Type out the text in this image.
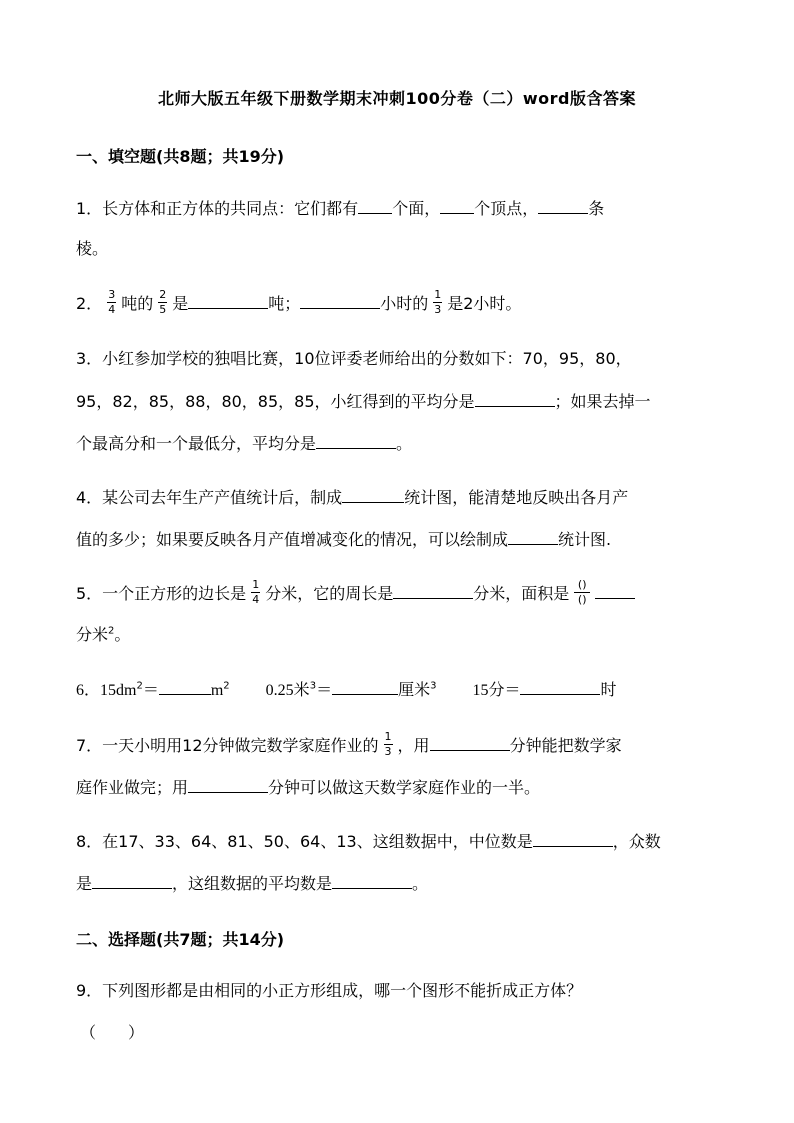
北师大版五年级下册数学期末冲刺100分卷（二）word版含答案
一、填空题(共8题；共19分)
1．长方体和正方体的共同点：它们都有 个面， 个顶点，	条
棱。
2． $\frac{3}{4}$ 吨的 $\frac{2}{5}$ 是	吨；	小时的 $\frac{1}{3}$ 是2小时。
3．小红参加学校的独唱比赛，10位评委老师给出的分数如下：70，95，80，
95，82，85，88，80，85，85，小红得到的平均分是	；如果去掉一
个最高分和一个最低分，平均分是	。
4．某公司去年生产产值统计后，制成	统计图，能清楚地反映出各月产
值的多少；如果要反映各月产值增减变化的情况，可以绘制成	统计图.
5．一个正方形的边长是 $\frac{1}{4}$ 分米，它的周长是	分米，面积是 $\frac{()}{()}$
分米$^2$。
6．$15dm^2=$	$m^2$ 0.25米$^3$＝	厘米$^3$ 15分＝	时
7．一天小明用12分钟做完数学家庭作业的 $\frac{1}{3}$ ，用	分钟能把数学家
庭作业做完；用	分钟可以做这天数学家庭作业的一半。
8．在17、33、64、81、50、64、13、这组数据中，中位数是	，众数
是	，这组数据的平均数是	。
二、选择题(共7题；共14分)
9．下列图形都是由相同的小正方形组成，哪一个图形不能折成正方体？
（　　）
